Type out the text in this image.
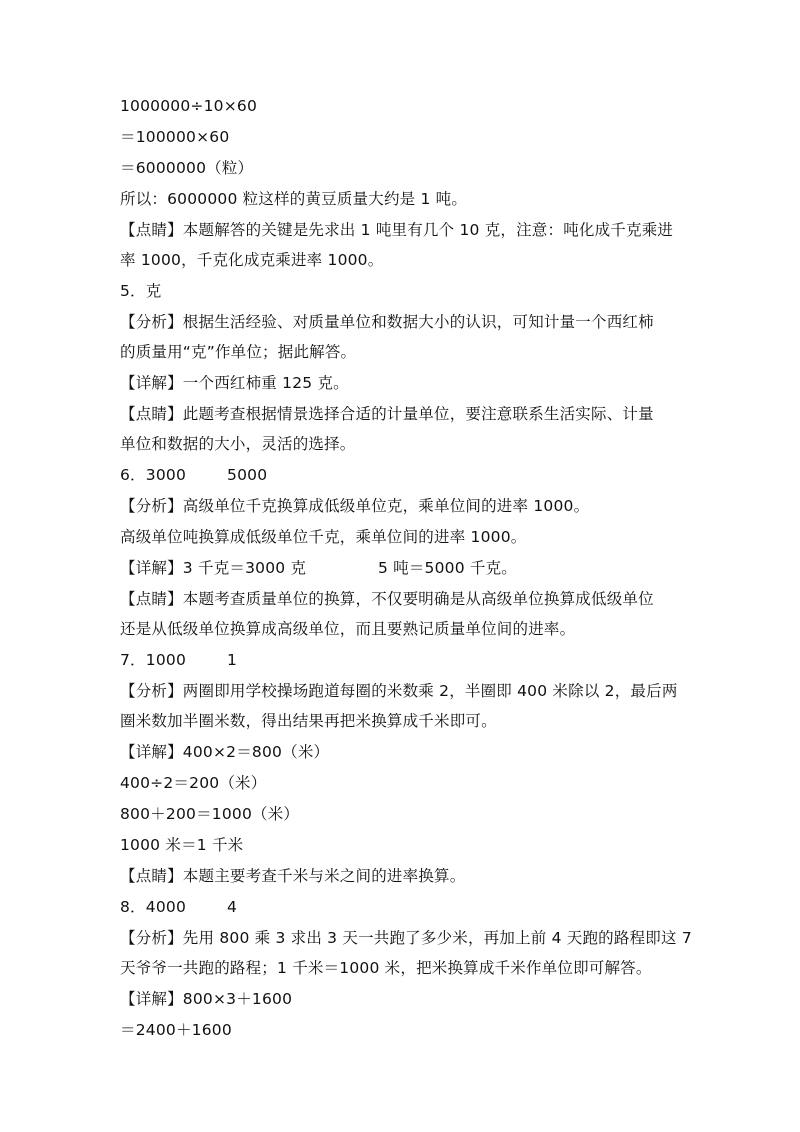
1000000÷10×60
＝100000×60
＝6000000（粒）
所以：6000000 粒这样的黄豆质量大约是 1 吨。
【点睛】本题解答的关键是先求出 1 吨里有几个 10 克，注意：吨化成千克乘进
率 1000，千克化成克乘进率 1000。
5．克
【分析】根据生活经验、对质量单位和数据大小的认识，可知计量一个西红柿
的质量用“克”作单位；据此解答。
【详解】一个西红柿重 125 克。
【点睛】此题考查根据情景选择合适的计量单位，要注意联系生活实际、计量
单位和数据的大小，灵活的选择。
6．3000        5000
【分析】高级单位千克换算成低级单位克，乘单位间的进率 1000。
高级单位吨换算成低级单位千克，乘单位间的进率 1000。
【详解】3 千克＝3000 克              5 吨＝5000 千克。
【点睛】本题考查质量单位的换算，不仅要明确是从高级单位换算成低级单位
还是从低级单位换算成高级单位，而且要熟记质量单位间的进率。
7．1000        1
【分析】两圈即用学校操场跑道每圈的米数乘 2，半圈即 400 米除以 2，最后两
圈米数加半圈米数，得出结果再把米换算成千米即可。
【详解】400×2＝800（米）
400÷2＝200（米）
800＋200＝1000（米）
1000 米＝1 千米
【点睛】本题主要考查千米与米之间的进率换算。
8．4000        4
【分析】先用 800 乘 3 求出 3 天一共跑了多少米，再加上前 4 天跑的路程即这 7
天爷爷一共跑的路程；1 千米＝1000 米，把米换算成千米作单位即可解答。
【详解】800×3＋1600
＝2400＋1600
